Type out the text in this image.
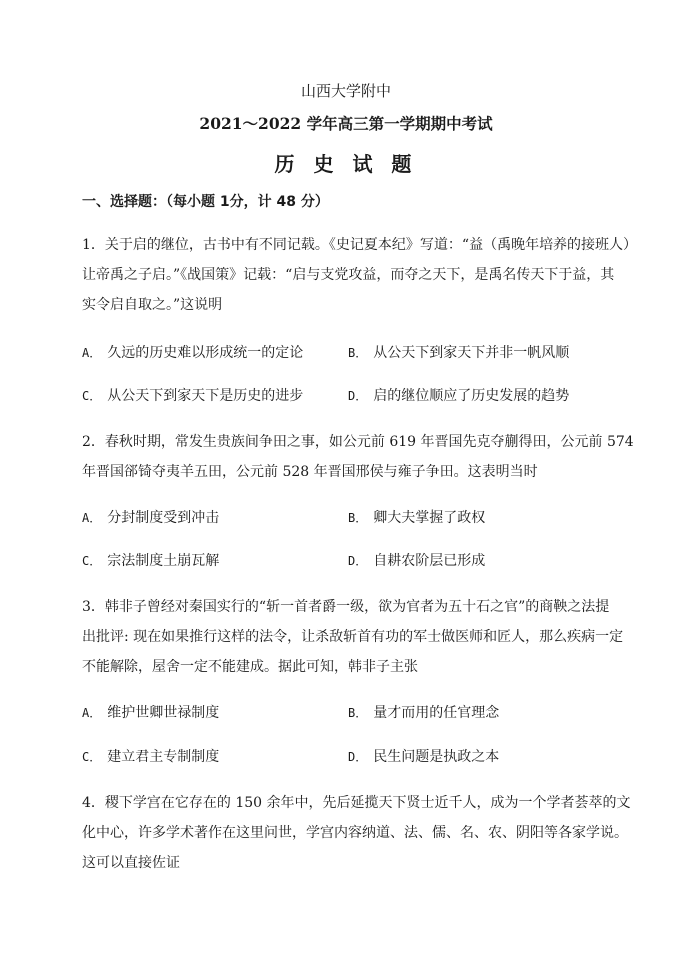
山西大学附中
2021～2022 学年高三第一学期期中考试
历 史 试 题
一、选择题：（每小题 1分，计 48 分）
1．关于启的继位，古书中有不同记载。《史记夏本纪》写道：“益（禹晚年培养的接班人）
让帝禹之子启。”《战国策》记载：“启与支党攻益，而夺之天下，是禹名传天下于益，其
实令启自取之。”这说明
A． 久远的历史难以形成统一的定论	B． 从公天下到家天下并非一帆风顺
C． 从公天下到家天下是历史的进步	D． 启的继位顺应了历史发展的趋势
2．春秋时期，常发生贵族间争田之事，如公元前 619 年晋国先克夺蒯得田，公元前 574
年晋国郤锜夺夷羊五田，公元前 528 年晋国邢侯与雍子争田。这表明当时
A． 分封制度受到冲击	B． 卿大夫掌握了政权
C． 宗法制度土崩瓦解	D． 自耕农阶层已形成
3．韩非子曾经对秦国实行的“斩一首者爵一级，欲为官者为五十石之官”的商鞅之法提
出批评: 现在如果推行这样的法令，让杀敌斩首有功的军士做医师和匠人，那么疾病一定
不能解除，屋舍一定不能建成。据此可知，韩非子主张
A． 维护世卿世禄制度	B． 量才而用的任官理念
C． 建立君主专制制度	D． 民生问题是执政之本
4．稷下学宫在它存在的 150 余年中，先后延揽天下贤士近千人，成为一个学者荟萃的文
化中心，许多学术著作在这里问世，学宫内容纳道、法、儒、名、农、阴阳等各家学说。
这可以直接佐证
